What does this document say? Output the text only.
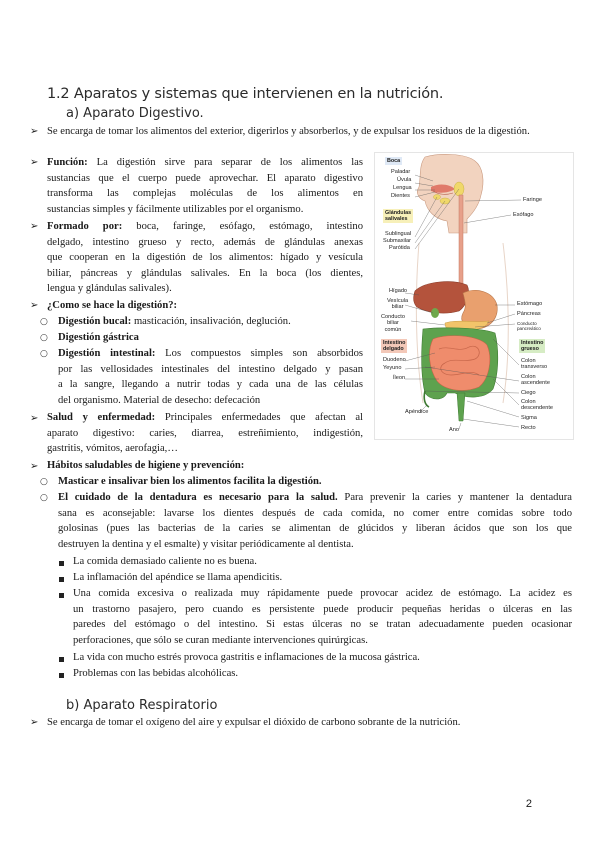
1.2 Aparatos y sistemas que intervienen en la nutrición.
a) Aparato Digestivo.
➢ Se encarga de tomar los alimentos del exterior, digerirlos y absorberlos, y de expulsar los residuos de la digestión.
➢ Función: La digestión sirve para separar de los alimentos las
sustancias que el cuerpo puede aprovechar. El aparato digestivo
transforma las complejas moléculas de los alimentos en
sustancias simples y fácilmente utilizables por el organismo.
➢ Formado por: boca, faringe, esófago, estómago, intestino
delgado, intestino grueso y recto, además de glándulas anexas
que cooperan en la digestión de los alimentos: hígado y vesícula
biliar, páncreas y glándulas salivales. En la boca (los dientes,
lengua y glándulas salivales).
➢ ¿Como se hace la digestión?:
○ Digestión bucal: masticación, insalivación, deglución.
○ Digestión gástrica
○ Digestión intestinal: Los compuestos simples son absorbidos
por las vellosidades intestinales del intestino delgado y pasan
a la sangre, llegando a nutrir todas y cada una de las células
del organismo. Material de desecho: defecación
➢ Salud y enfermedad: Principales enfermedades que afectan al
aparato digestivo: caries, diarrea, estreñimiento, indigestión,
gastritis, vómitos, aerofagia,…
➢ Hábitos saludables de higiene y prevención:
○ Masticar e insalivar bien los alimentos facilita la digestión.
○ El cuidado de la dentadura es necesario para la salud. Para prevenir la caries y mantener la dentadura
sana es aconsejable: lavarse los dientes después de cada comida, no comer entre comidas sobre todo
golosinas (pues las bacterias de la caries se alimentan de glúcidos y liberan ácidos que son los que
destruyen la dentina y el esmalte) y visitar periódicamente al dentista.
La comida demasiado caliente no es buena.
La inflamación del apéndice se llama apendicitis.
Una comida excesiva o realizada muy rápidamente puede provocar acidez de estómago. La acidez es
un trastorno pasajero, pero cuando es persistente puede producir pequeñas heridas o úlceras en las
paredes del estómago o del intestino. Si estas úlceras no se tratan adecuadamente pueden ocasionar
perforaciones, que sólo se curan mediante intervenciones quirúrgicas.
La vida con mucho estrés provoca gastritis e inflamaciones de la mucosa gástrica.
Problemas con las bebidas alcohólicas.
b) Aparato Respiratorio
➢ Se encarga de tomar el oxígeno del aire y expulsar el dióxido de carbono sobrante de la nutrición.
2
Boca
Paladar
Úvula
Lengua
Dientes
Glándulas
salivales
Sublingual
Submaxilar
Parótida
Hígado
Vesícula
biliar
Conducto
biliar
común
Intestino
delgado
Duodeno
Yeyuno
Íleon
Apéndice
Ano
Faringe
Esófago
Estómago
Páncreas
Conducto
pancreático
Intestino
grueso
Colon
transverso
Colon
ascendente
Ciego
Colon
descendente
Sigma
Recto
